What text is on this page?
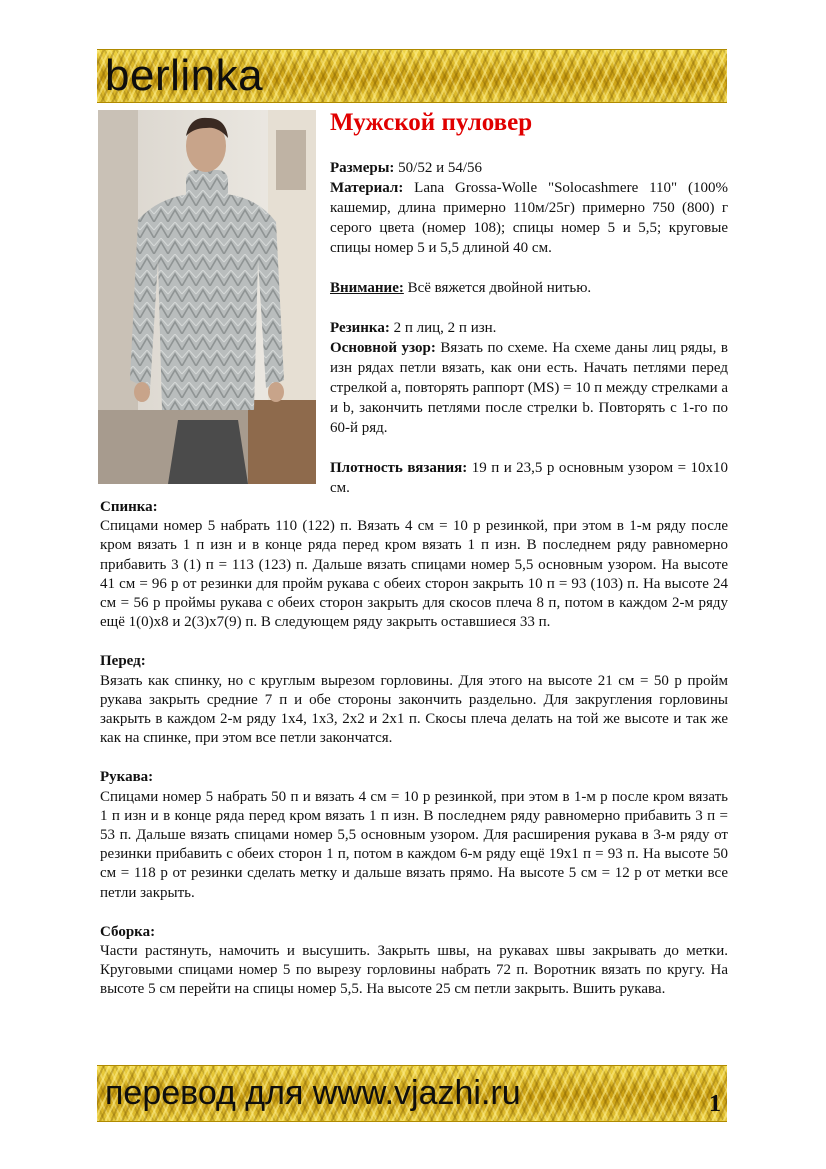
berlinka
Мужской пуловер

Размеры: 50/52 и 54/56

Материал: Lana Grossa-Wolle "Solocashmere 110" (100% кашемир, длина примерно 110м/25г) примерно 750 (800) г серого цвета (номер 108); спицы номер 5 и 5,5; круговые спицы номер 5 и 5,5 длиной 40 см.

Внимание: Всё вяжется двойной нитью.

Резинка: 2 п лиц, 2 п изн.

Основной узор: Вязать по схеме. На схеме даны лиц ряды, в изн рядах петли вязать, как они есть. Начать петлями перед стрелкой а, повторять раппорт (MS) = 10 п между стрелками а и b, закончить петлями после стрелки b. Повторять с 1-го по 60-й ряд.

Плотность вязания: 19 п и 23,5 р основным узором = 10х10 см.

Спинка:

Спицами номер 5 набрать 110 (122) п. Вязать 4 см = 10 р резинкой, при этом в 1-м ряду после кром вязать 1 п изн и в конце ряда перед кром вязать 1 п изн. В последнем ряду равномерно прибавить 3 (1) п = 113 (123) п. Дальше вязать спицами номер 5,5 основным узором. На высоте 41 см = 96 р от резинки для пройм рукава с обеих сторон закрыть 10 п = 93 (103) п. На высоте 24 см = 56 р проймы рукава с обеих сторон закрыть для скосов плеча 8 п, потом в каждом 2-м ряду ещё 1(0)х8 и 2(3)х7(9) п. В следующем ряду закрыть оставшиеся 33 п.

Перед:

Вязать как спинку, но с круглым вырезом горловины. Для этого на высоте 21 см = 50 р пройм рукава закрыть средние 7 п и обе стороны закончить раздельно. Для закругления горловины закрыть в каждом 2-м ряду 1х4, 1х3, 2х2 и 2х1 п. Скосы плеча делать на той же высоте и так же как на спинке, при этом все петли закончатся.

Рукава:

Спицами номер 5 набрать 50 п и вязать 4 см = 10 р резинкой, при этом в 1-м р после кром вязать 1 п изн и в конце ряда перед кром вязать 1 п изн. В последнем ряду равномерно прибавить 3 п = 53 п. Дальше вязать спицами номер 5,5 основным узором. Для расширения рукава в 3-м ряду от резинки прибавить с обеих сторон 1 п, потом в каждом 6-м ряду ещё 19х1 п = 93 п. На высоте 50 см = 118 р от резинки сделать метку и дальше вязать прямо. На высоте 5 см = 12 р от метки все петли закрыть.

Сборка:

Части растянуть, намочить и высушить. Закрыть швы, на рукавах швы закрывать до метки. Круговыми спицами номер 5 по вырезу горловины набрать 72 п. Воротник вязать по кругу. На высоте 5 см перейти на спицы номер 5,5. На высоте 25 см петли закрыть. Вшить рукава.

перевод для www.vjazhi.ru	1
